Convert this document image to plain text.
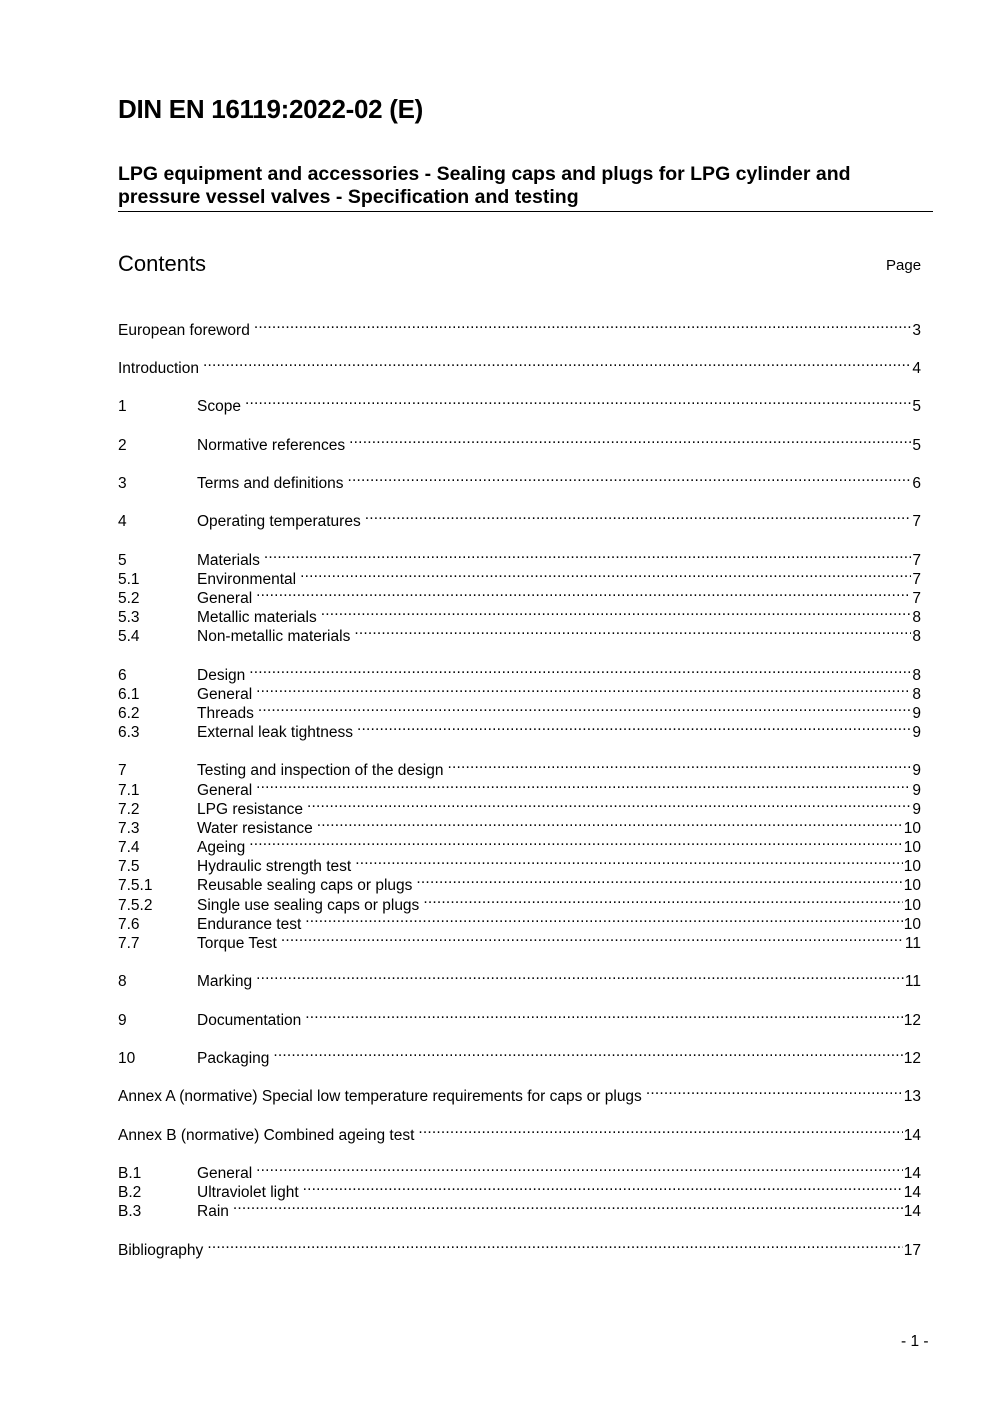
DIN EN 16119:2022-02 (E)
LPG equipment and accessories - Sealing caps and plugs for LPG cylinder and
pressure vessel valves - Specification and testing
Contents	Page
European foreword .....	3
Introduction .....	4
1	Scope .....	5
2	Normative references .....	5
3	Terms and definitions .....	6
4	Operating temperatures .....	7
5	Materials .....	7
5.1	Environmental .....	7
5.2	General .....	7
5.3	Metallic materials .....	8
5.4	Non-metallic materials .....	8
6	Design .....	8
6.1	General .....	8
6.2	Threads .....	9
6.3	External leak tightness .....	9
7	Testing and inspection of the design .....	9
7.1	General .....	9
7.2	LPG resistance .....	9
7.3	Water resistance .....	10
7.4	Ageing .....	10
7.5	Hydraulic strength test .....	10
7.5.1	Reusable sealing caps or plugs .....	10
7.5.2	Single use sealing caps or plugs .....	10
7.6	Endurance test .....	10
7.7	Torque Test .....	11
8	Marking .....	11
9	Documentation .....	12
10	Packaging .....	12
Annex A (normative) Special low temperature requirements for caps or plugs .....	13
Annex B (normative) Combined ageing test .....	14
B.1	General .....	14
B.2	Ultraviolet light .....	14
B.3	Rain .....	14
Bibliography .....	17
- 1 -
